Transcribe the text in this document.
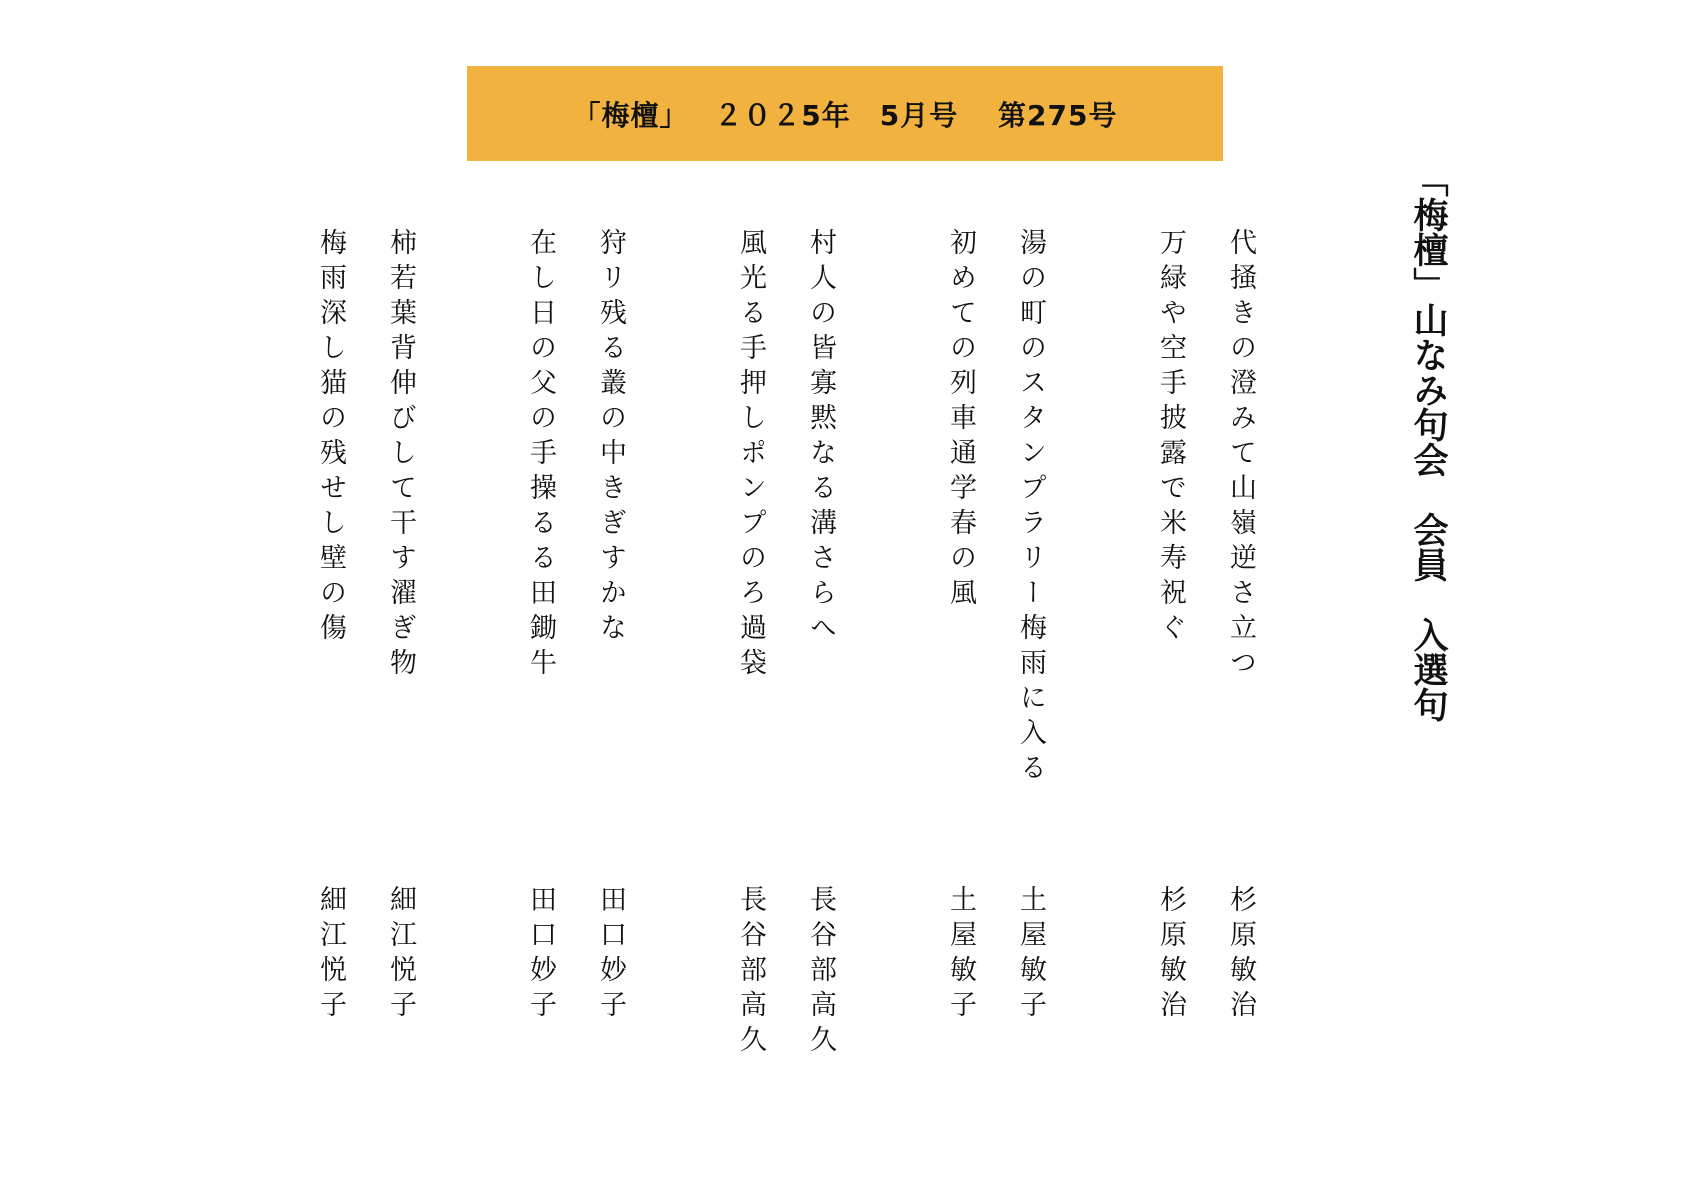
「梅檀」　 ２０２5年　5月号　 第275号
「梅檀」山なみ句会　会員　入選句
代掻きの澄みて山嶺逆さ立つ
万緑や空手披露で米寿祝ぐ
湯の町のスタンプラリー梅雨に入る
初めての列車通学春の風
村人の皆寡黙なる溝さらへ
風光る手押しポンプのろ過袋
狩リ残る叢の中きぎすかな
在し日の父の手操るる田鋤牛
柿若葉背伸びして干す濯ぎ物
梅雨深し猫の残せし壁の傷
杉原敏治
杉原敏治
土屋敏子
土屋敏子
長谷部高久
長谷部高久
田口妙子
田口妙子
細江悦子
細江悦子
